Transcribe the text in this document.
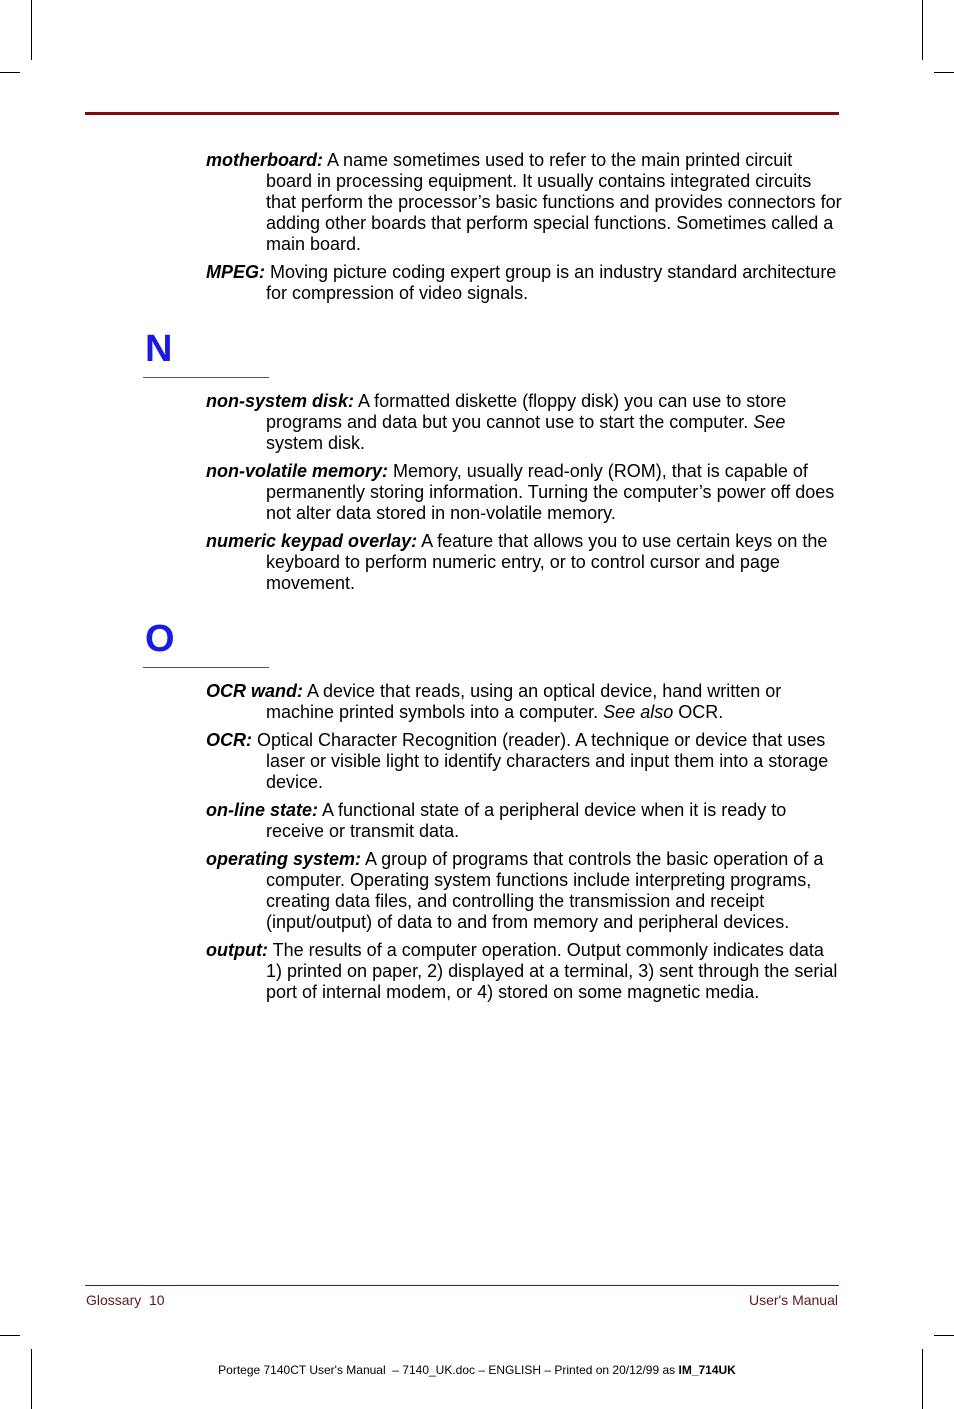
motherboard: A name sometimes used to refer to the main printed circuit board in processing equipment. It usually contains integrated circuits that perform the processor’s basic functions and provides connectors for adding other boards that perform special functions. Sometimes called a main board.

MPEG: Moving picture coding expert group is an industry standard architecture for compression of video signals.

N

non-system disk: A formatted diskette (floppy disk) you can use to store programs and data but you cannot use to start the computer. See system disk.

non-volatile memory: Memory, usually read-only (ROM), that is capable of permanently storing information. Turning the computer’s power off does not alter data stored in non-volatile memory.

numeric keypad overlay: A feature that allows you to use certain keys on the keyboard to perform numeric entry, or to control cursor and page movement.

O

OCR wand: A device that reads, using an optical device, hand written or machine printed symbols into a computer. See also OCR.

OCR: Optical Character Recognition (reader). A technique or device that uses laser or visible light to identify characters and input them into a storage device.

on-line state: A functional state of a peripheral device when it is ready to receive or transmit data.

operating system: A group of programs that controls the basic operation of a computer. Operating system functions include interpreting programs, creating data files, and controlling the transmission and receipt (input/output) of data to and from memory and peripheral devices.

output: The results of a computer operation. Output commonly indicates data 1) printed on paper, 2) displayed at a terminal, 3) sent through the serial port of internal modem, or 4) stored on some magnetic media.

Glossary  10	User's Manual
Portege 7140CT User's Manual  – 7140_UK.doc – ENGLISH – Printed on 20/12/99 as IM_714UK
